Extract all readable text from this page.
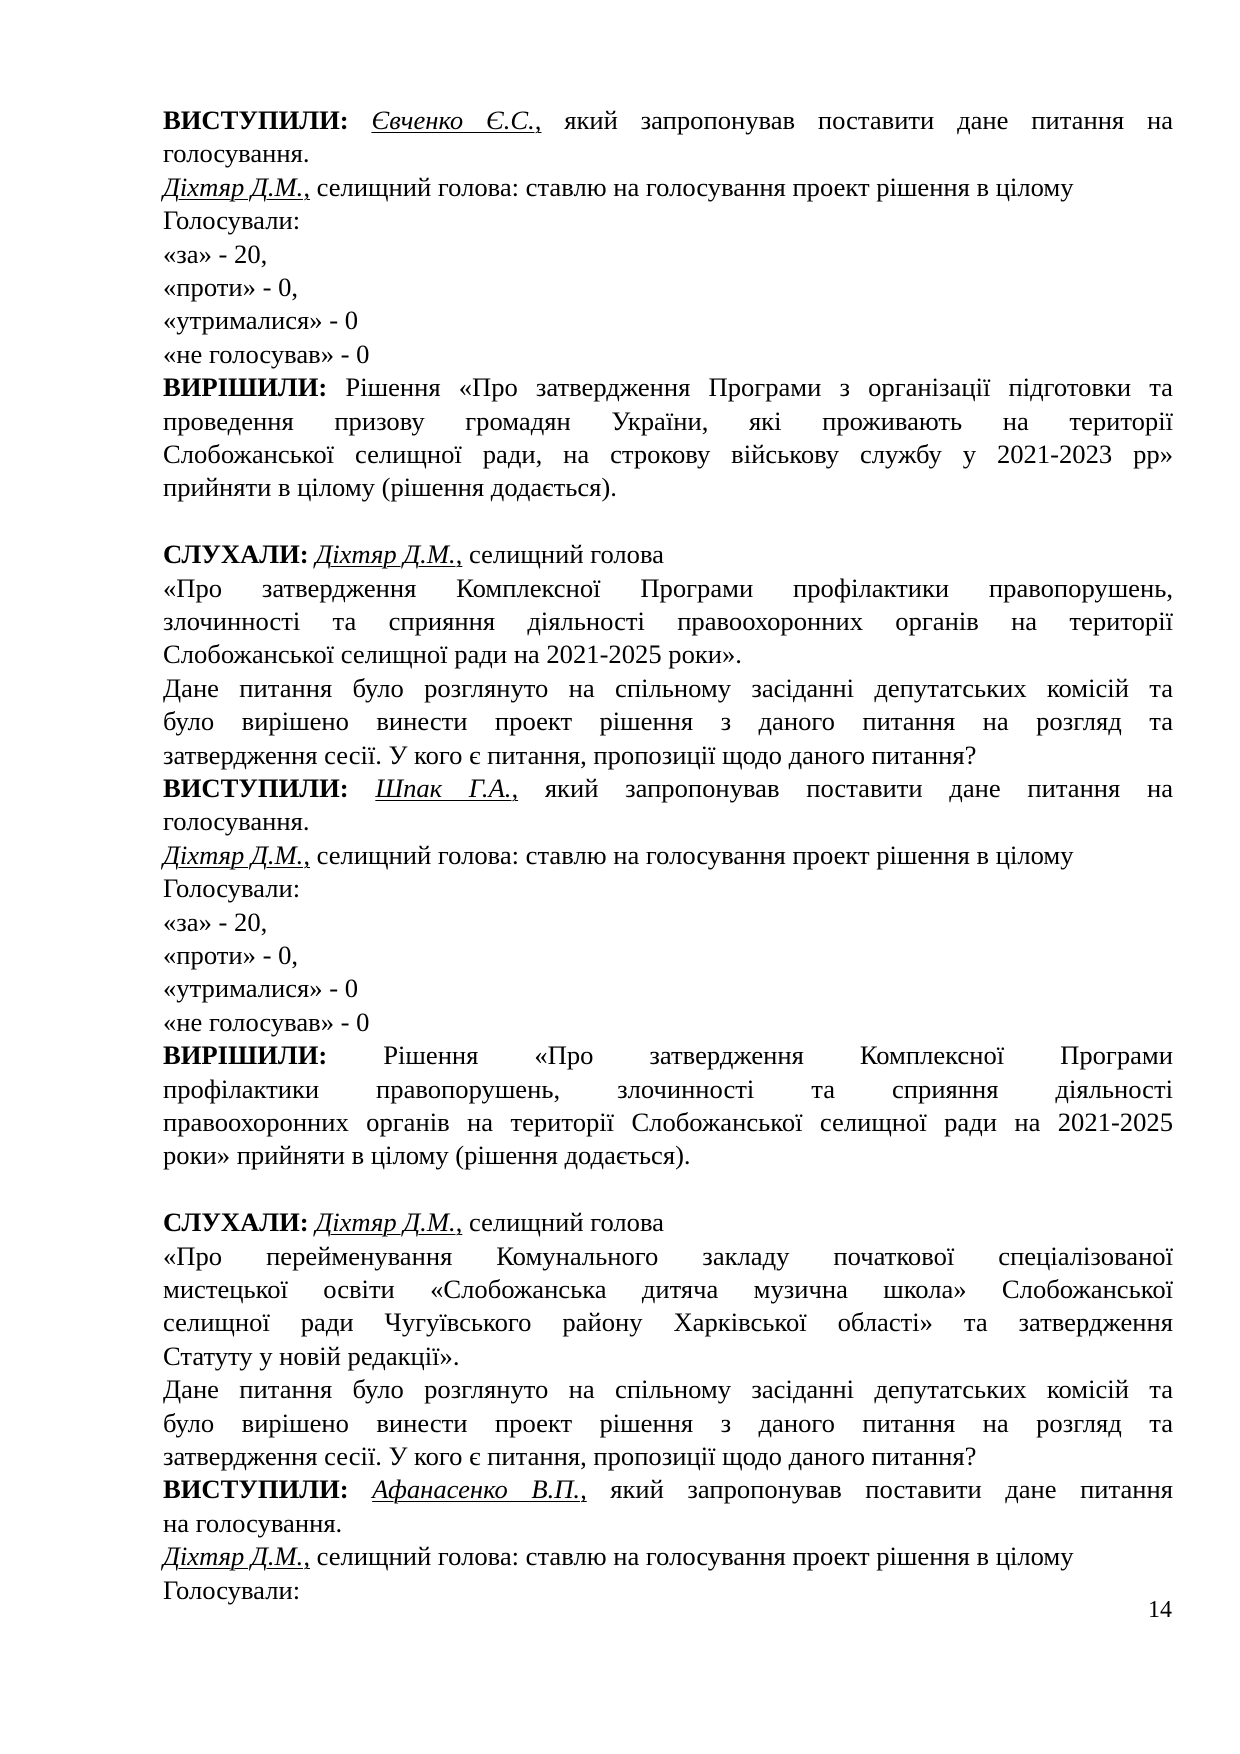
ВИСТУПИЛИ: Євченко Є.С., який запропонував поставити дане питання на
голосування.
Діхтяр Д.М., селищний голова: ставлю на голосування проект рішення в цілому
Голосували:
«за» - 20,
«проти» - 0,
«утрималися» - 0
«не голосував» - 0
ВИРІШИЛИ: Рішення «Про затвердження Програми з організації підготовки та
проведення призову громадян України, які проживають на території
Слобожанської селищної ради, на строкову військову службу у 2021-2023 рр»
прийняти в цілому (рішення додається).
СЛУХАЛИ: Діхтяр Д.М., селищний голова
«Про затвердження Комплексної Програми профілактики правопорушень,
злочинності та сприяння діяльності правоохоронних органів на території
Слобожанської селищної ради на 2021-2025 роки».
Дане питання було розглянуто на спільному засіданні депутатських комісій та
було вирішено винести проект рішення з даного питання на розгляд та
затвердження сесії. У кого є питання, пропозиції щодо даного питання?
ВИСТУПИЛИ: Шпак Г.А., який запропонував поставити дане питання на
голосування.
Діхтяр Д.М., селищний голова: ставлю на голосування проект рішення в цілому
Голосували:
«за» - 20,
«проти» - 0,
«утрималися» - 0
«не голосував» - 0
ВИРІШИЛИ: Рішення «Про затвердження Комплексної Програми
профілактики правопорушень, злочинності та сприяння діяльності
правоохоронних органів на території Слобожанської селищної ради на 2021-2025
роки» прийняти в цілому (рішення додається).
СЛУХАЛИ: Діхтяр Д.М., селищний голова
«Про перейменування Комунального закладу початкової спеціалізованої
мистецької освіти «Слобожанська дитяча музична школа» Слобожанської
селищної ради Чугуївського району Харківської області» та затвердження
Статуту у новій редакції».
Дане питання було розглянуто на спільному засіданні депутатських комісій та
було вирішено винести проект рішення з даного питання на розгляд та
затвердження сесії. У кого є питання, пропозиції щодо даного питання?
ВИСТУПИЛИ: Афанасенко В.П., який запропонував поставити дане питання
на голосування.
Діхтяр Д.М., селищний голова: ставлю на голосування проект рішення в цілому
Голосували:
14
